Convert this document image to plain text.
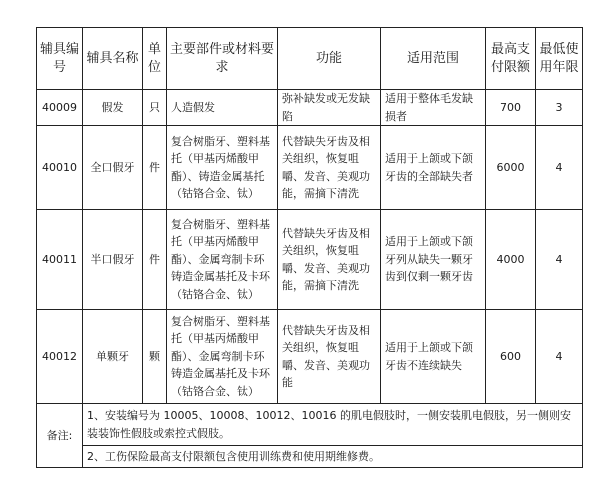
辅具编号	辅具名称	单位	主要部件或材料要求	功能	适用范围	最高支付限额	最低使用年限
40009	假发	只	人造假发	弥补缺发或无发缺陷	适用于整体毛发缺损者	700	3
40010	全口假牙	件	复合树脂牙、塑料基托（甲基丙烯酸甲酯）、铸造金属基托（钴铬合金、钛）	代替缺失牙齿及相关组织，恢复咀嚼、发音、美观功能，需摘下清洗	适用于上颌或下颌牙齿的全部缺失者	6000	4
40011	半口假牙	件	复合树脂牙、塑料基托（甲基丙烯酸甲酯）、金属弯制卡环铸造金属基托及卡环（钴铬合金、钛）	代替缺失牙齿及相关组织，恢复咀嚼、发音、美观功能，需摘下清洗	适用于上颌或下颌牙列从缺失一颗牙齿到仅剩一颗牙齿	4000	4
40012	单颗牙	颗	复合树脂牙、塑料基托（甲基丙烯酸甲酯）、金属弯制卡环铸造金属基托及卡环（钴铬合金、钛）	代替缺失牙齿及相关组织，恢复咀嚼、发音、美观功能	适用于上颌或下颌牙齿不连续缺失	600	4
备注:	1、安装编号为 10005、10008、10012、10016 的肌电假肢时，一侧安装肌电假肢，另一侧则安装装饰性假肢或索控式假肢。						
	2、工伤保险最高支付限额包含使用训练费和使用期维修费。						
